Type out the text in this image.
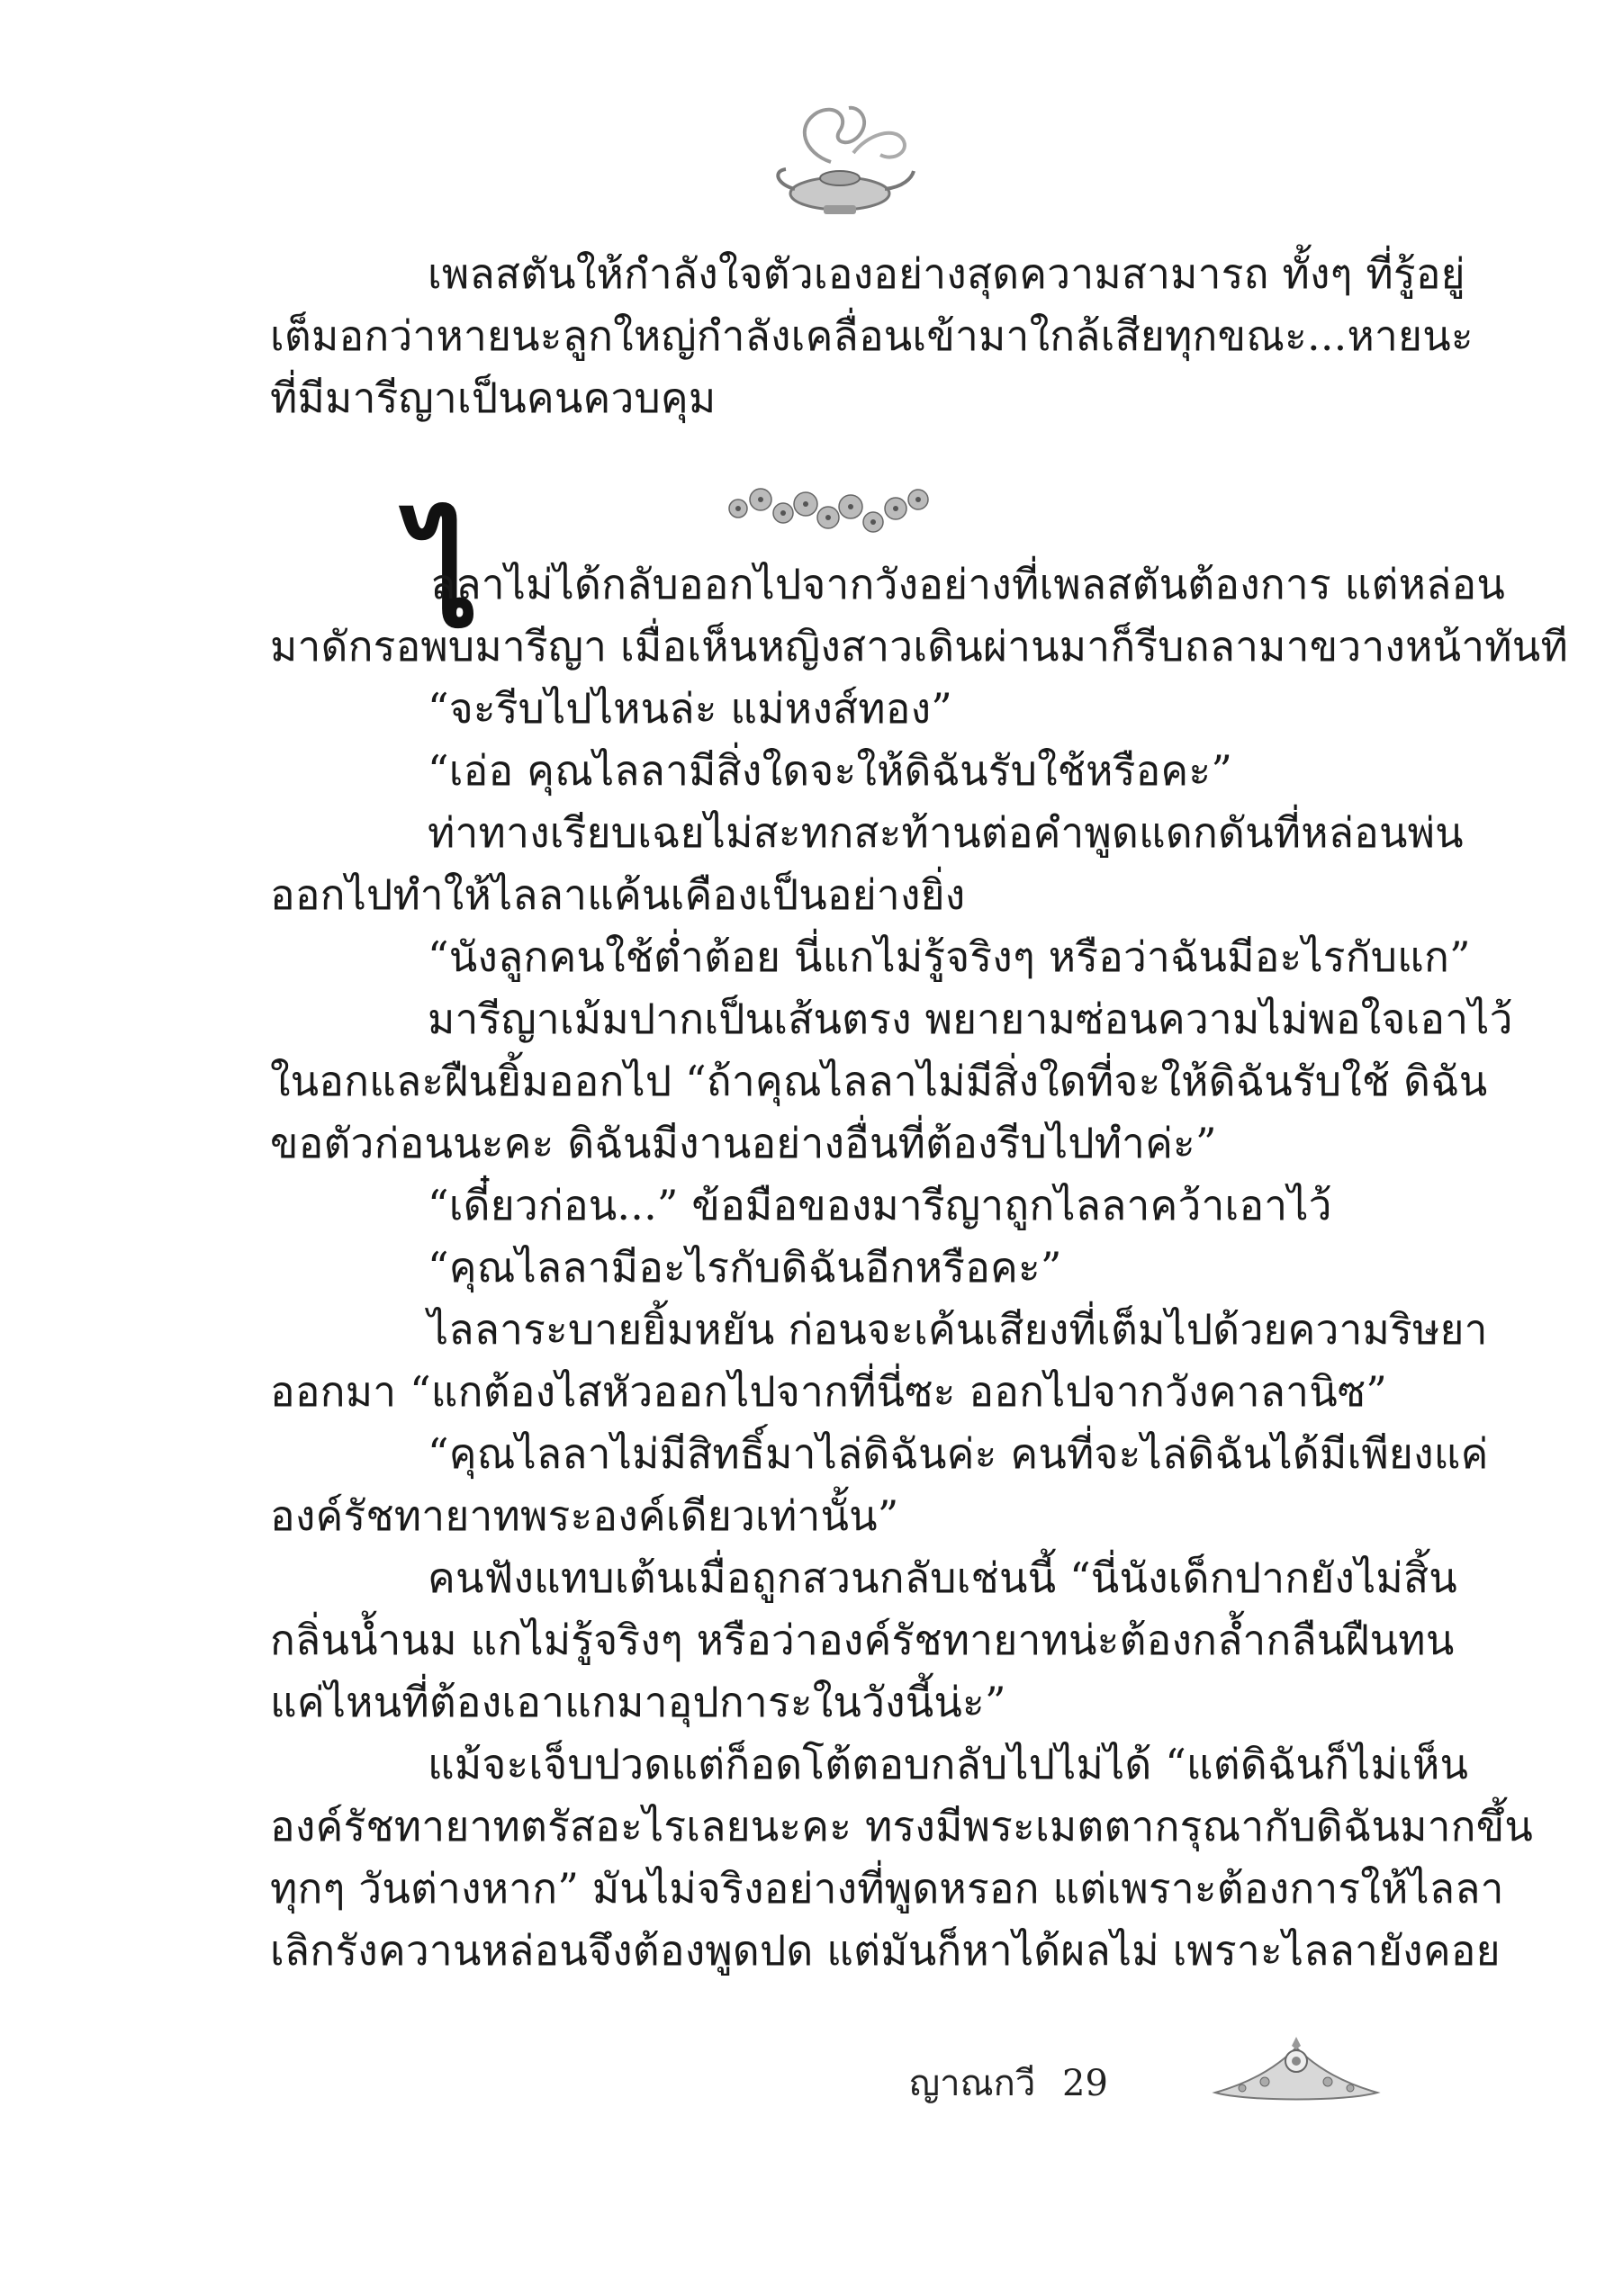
เพลสตันให้กำลังใจตัวเองอย่างสุดความสามารถ ทั้งๆ ที่รู้อยู่
เต็มอกว่าหายนะลูกใหญ่กำลังเคลื่อนเข้ามาใกล้เสียทุกขณะ...หายนะ
ที่มีมารีญาเป็นคนควบคุม
ไ
ลลาไม่ได้กลับออกไปจากวังอย่างที่เพลสตันต้องการ แต่หล่อน
มาดักรอพบมารีญา เมื่อเห็นหญิงสาวเดินผ่านมาก็รีบถลามาขวางหน้าทันที
“จะรีบไปไหนล่ะ แม่หงส์ทอง”
“เอ่อ คุณไลลามีสิ่งใดจะให้ดิฉันรับใช้หรือคะ”
ท่าทางเรียบเฉยไม่สะทกสะท้านต่อคำพูดแดกดันที่หล่อนพ่น
ออกไปทำให้ไลลาแค้นเคืองเป็นอย่างยิ่ง
“นังลูกคนใช้ต่ำต้อย นี่แกไม่รู้จริงๆ หรือว่าฉันมีอะไรกับแก”
มารีญาเม้มปากเป็นเส้นตรง พยายามซ่อนความไม่พอใจเอาไว้
ในอกและฝืนยิ้มออกไป “ถ้าคุณไลลาไม่มีสิ่งใดที่จะให้ดิฉันรับใช้ ดิฉัน
ขอตัวก่อนนะคะ ดิฉันมีงานอย่างอื่นที่ต้องรีบไปทำค่ะ”
“เดี๋ยวก่อน...” ข้อมือของมารีญาถูกไลลาคว้าเอาไว้
“คุณไลลามีอะไรกับดิฉันอีกหรือคะ”
ไลลาระบายยิ้มหยัน ก่อนจะเค้นเสียงที่เต็มไปด้วยความริษยา
ออกมา “แกต้องไสหัวออกไปจากที่นี่ซะ ออกไปจากวังคาลานิซ”
“คุณไลลาไม่มีสิทธิ์มาไล่ดิฉันค่ะ คนที่จะไล่ดิฉันได้มีเพียงแค่
องค์รัชทายาทพระองค์เดียวเท่านั้น”
คนฟังแทบเต้นเมื่อถูกสวนกลับเช่นนี้ “นี่นังเด็กปากยังไม่สิ้น
กลิ่นน้ำนม แกไม่รู้จริงๆ หรือว่าองค์รัชทายาทน่ะต้องกล้ำกลืนฝืนทน
แค่ไหนที่ต้องเอาแกมาอุปการะในวังนี้น่ะ”
แม้จะเจ็บปวดแต่ก็อดโต้ตอบกลับไปไม่ได้ “แต่ดิฉันก็ไม่เห็น
องค์รัชทายาทตรัสอะไรเลยนะคะ ทรงมีพระเมตตากรุณากับดิฉันมากขึ้น
ทุกๆ วันต่างหาก” มันไม่จริงอย่างที่พูดหรอก แต่เพราะต้องการให้ไลลา
เลิกรังควานหล่อนจึงต้องพูดปด แต่มันก็หาได้ผลไม่ เพราะไลลายังคอย
ญาณกวี 29
